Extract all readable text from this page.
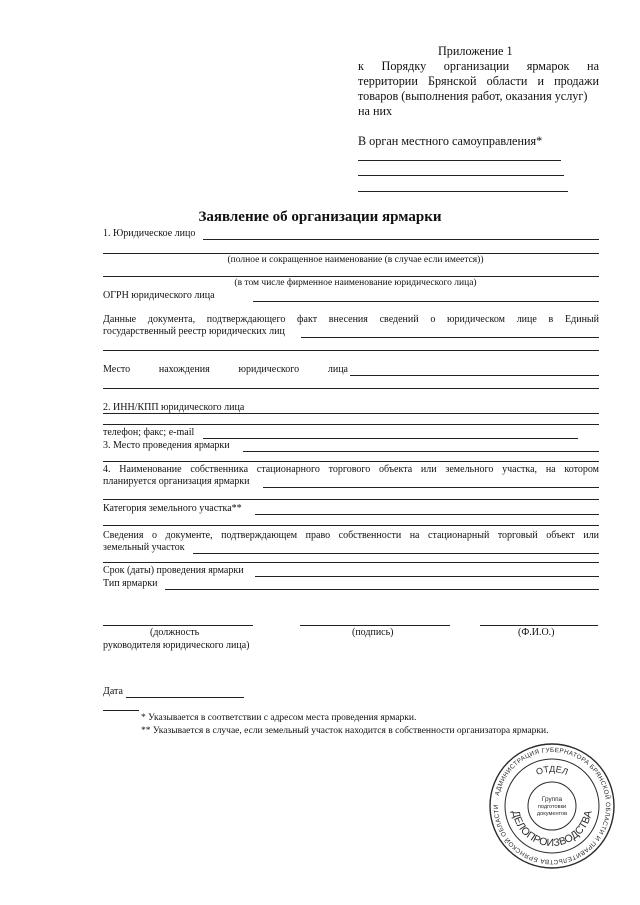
Приложение 1
к Порядку организации ярмарок на
территории Брянской области и продажи
товаров (выполнения работ, оказания услуг)
на них
В орган местного самоуправления*
Заявление об организации ярмарки
1. Юридическое лицо
(полное и сокращенное наименование (в случае если имеется))
(в том числе фирменное наименование юридического лица)
ОГРН юридического лица
Данные документа, подтверждающего факт внесения сведений о юридическом лице в Единый
государственный реестр юридических лиц
Место нахождения юридического лица
2. ИНН/КПП юридического лица
телефон; факс; e-mail
3. Место проведения ярмарки
4. Наименование собственника стационарного торгового объекта или земельного участка, на котором
планируется организация ярмарки
Категория земельного участка**
Сведения о документе, подтверждающем право собственности на стационарный торговый объект или
земельный участок
Срок (даты) проведения ярмарки
Тип ярмарки
(должность	(подпись)	(Ф.И.О.)
руководителя юридического лица)
Дата
* Указывается в соответствии с адресом места проведения ярмарки.
** Указывается в случае, если земельный участок находится в собственности организатора ярмарки.
АДМИНИСТРАЦИЯ ГУБЕРНАТОРА БРЯНСКОЙ ОБЛАСТИ И ПРАВИТЕЛЬСТВА БРЯНСКОЙ ОБЛАСТИ
ОТДЕЛ
ДЕЛОПРОИЗВОДСТВА
Группа
подготовки
документов
